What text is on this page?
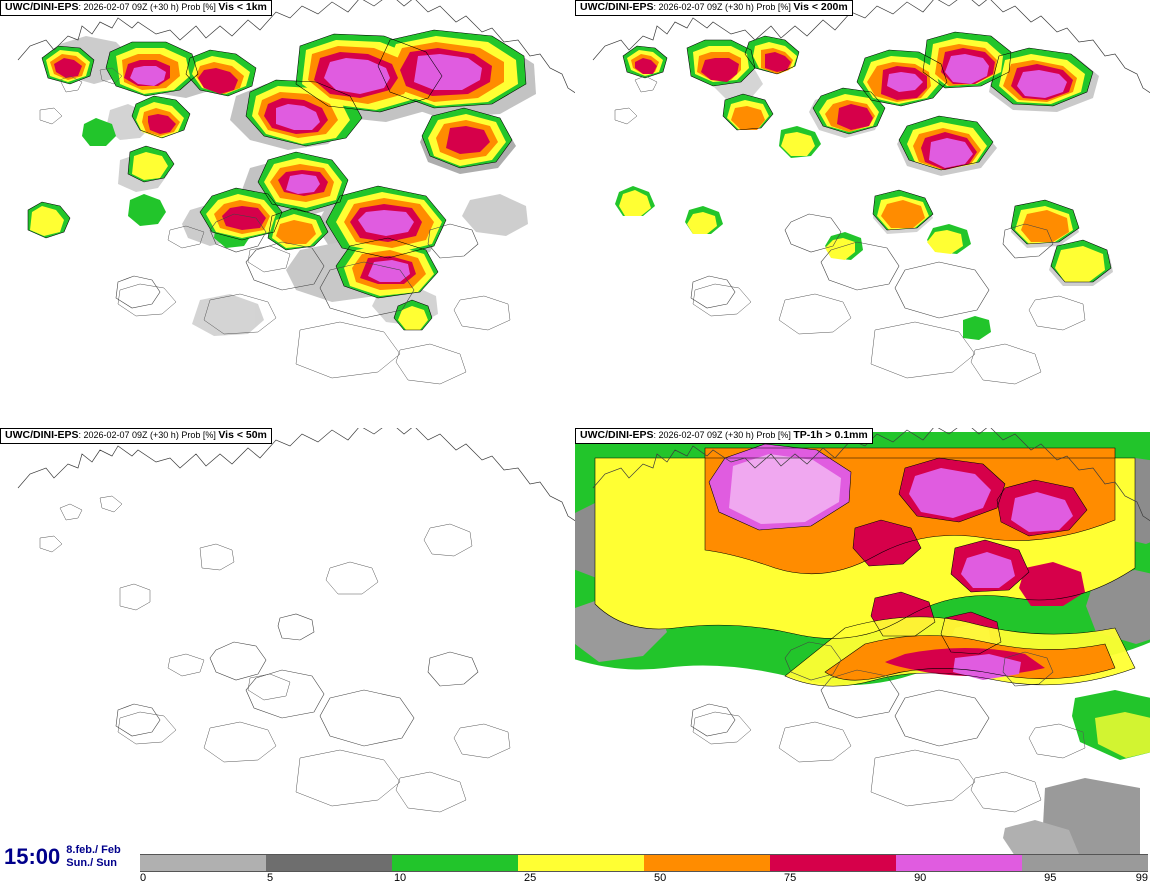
UWC/DINI-EPS: 2026-02-07 09Z (+30 h) Prob [%] Vis < 1km	UWC/DINI-EPS: 2026-02-07 09Z (+30 h) Prob [%] Vis < 200m
UWC/DINI-EPS: 2026-02-07 09Z (+30 h) Prob [%] Vis < 50m	UWC/DINI-EPS: 2026-02-07 09Z (+30 h) Prob [%] TP-1h > 0.1mm
15:00 8.feb./ Feb
Sun./ Sun
0	5	10	25	50	75	90	95	99
